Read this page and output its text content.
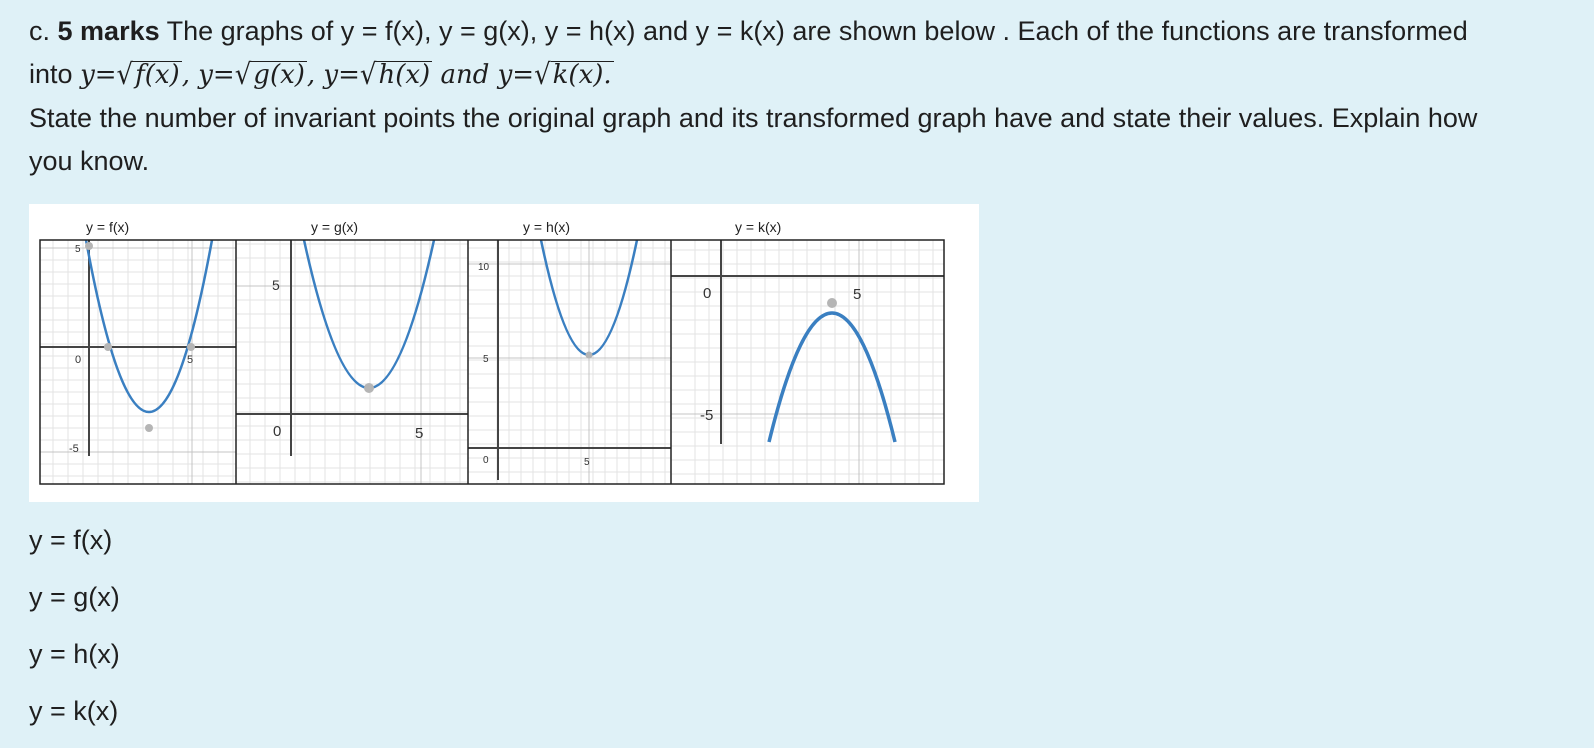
c. 5 marks The graphs of y = f(x), y = g(x), y = h(x) and y = k(x) are shown below . Each of the functions are transformed

into y=√f(x), y=√g(x), y=√h(x) and y=√k(x).

State the number of invariant points the original graph and its transformed graph have and state their values. Explain how

you know.

5
0	5
-5
5
0	5
10
5
0	5
0	5
-5
y = f(x)	y = g(x)	y = h(x)	y = k(x)
y = f(x)
y = g(x)
y = h(x)
y = k(x)
